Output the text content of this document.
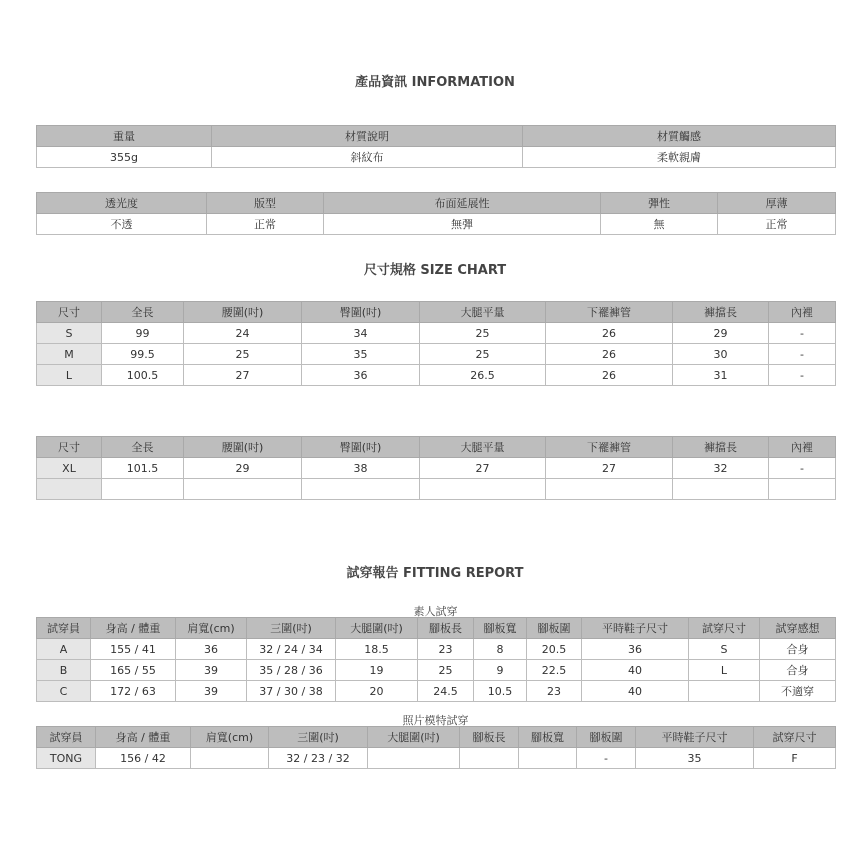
產品資訊 INFORMATION
重量	材質說明	材質觸感
355g	斜紋布	柔軟親膚
透光度	版型	布面延展性	彈性	厚薄
不透	正常	無彈	無	正常
尺寸規格 SIZE CHART
尺寸	全長	腰圍(吋)	臀圍(吋)	大腿平量	下襬褲管	褲擋長	內裡
S	99	24	34	25	26	29	-
M	99.5	25	35	25	26	30	-
L	100.5	27	36	26.5	26	31	-
尺寸	全長	腰圍(吋)	臀圍(吋)	大腿平量	下襬褲管	褲擋長	內裡
XL	101.5	29	38	27	27	32	-

試穿報告 FITTING REPORT
素人試穿
試穿員	身高 / 體重	肩寬(cm)	三圍(吋)	大腿圍(吋)	腳板長	腳板寬	腳板圍	平時鞋子尺寸	試穿尺寸	試穿感想
A	155 / 41	36	32 / 24 / 34	18.5	23	8	20.5	36	S	合身
B	165 / 55	39	35 / 28 / 36	19	25	9	22.5	40	L	合身
C	172 / 63	39	37 / 30 / 38	20	24.5	10.5	23	40		不適穿
照片模特試穿
試穿員	身高 / 體重	肩寬(cm)	三圍(吋)	大腿圍(吋)	腳板長	腳板寬	腳板圍	平時鞋子尺寸	試穿尺寸
TONG	156 / 42		32 / 23 / 32				-	35	F
